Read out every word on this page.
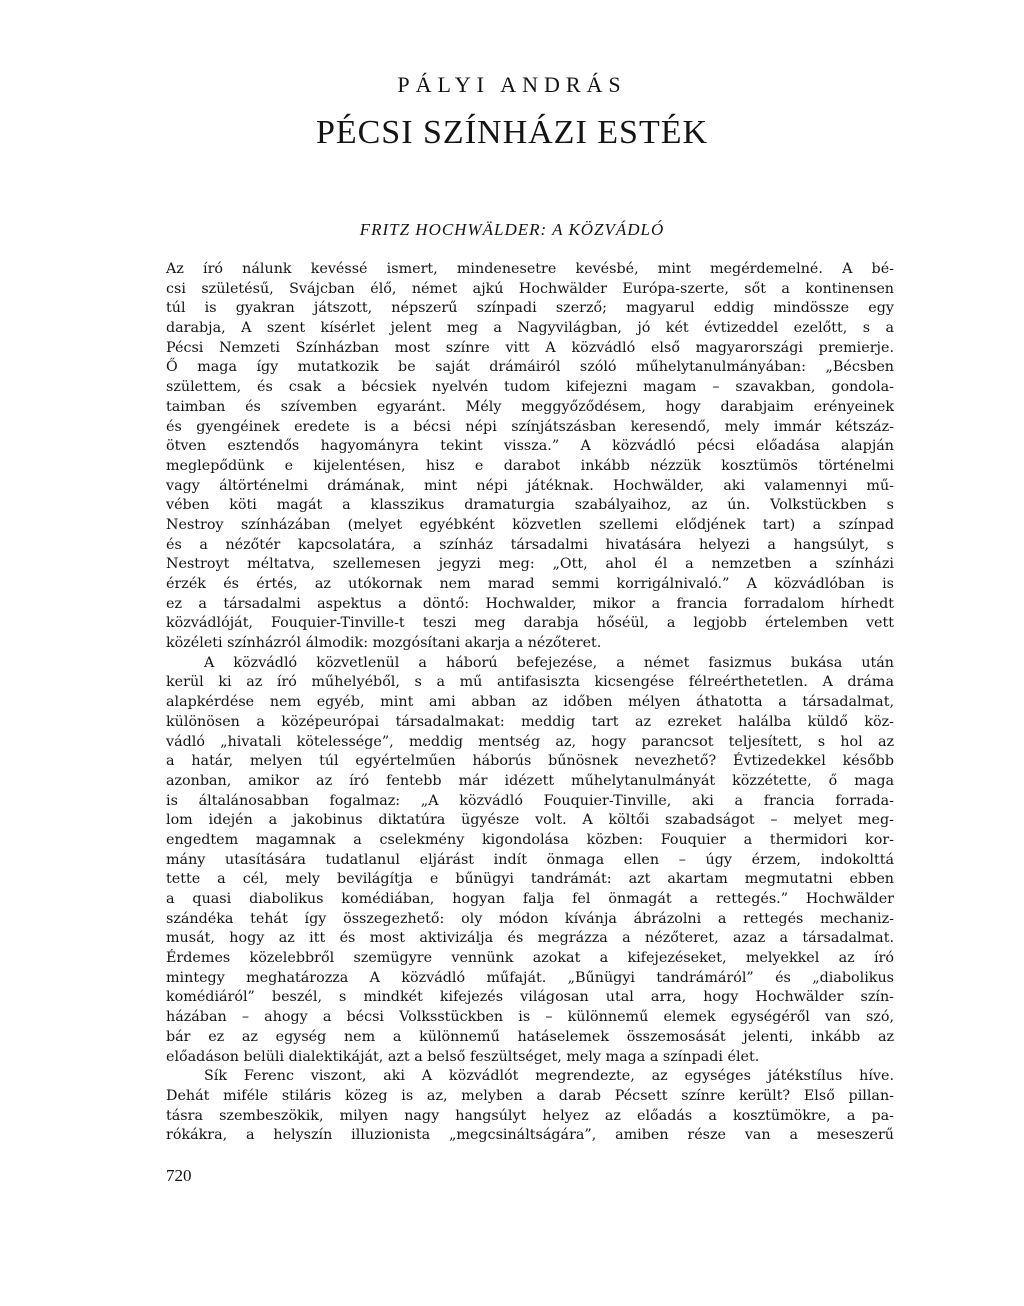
PÁLYI ANDRÁS
PÉCSI SZÍNHÁZI ESTÉK
FRITZ HOCHWÄLDER: A KÖZVÁDLÓ
Az író nálunk kevéssé ismert, mindenesetre kevésbé, mint megérdemelné. A bé-
csi születésű, Svájcban élő, német ajkú Hochwälder Európa-szerte, sőt a kontinensen
túl is gyakran játszott, népszerű színpadi szerző; magyarul eddig mindössze egy
darabja, A szent kísérlet jelent meg a Nagyvilágban, jó két évtizeddel ezelőtt, s a
Pécsi Nemzeti Színházban most színre vitt A közvádló első magyarországi premierje.
Ő maga így mutatkozik be saját drámáiról szóló műhelytanulmányában: „Bécsben
születtem, és csak a bécsiek nyelvén tudom kifejezni magam – szavakban, gondola-
taimban és szívemben egyaránt. Mély meggyőződésem, hogy darabjaim erényeinek
és gyengéinek eredete is a bécsi népi színjátszásban keresendő, mely immár kétszáz-
ötven esztendős hagyományra tekint vissza.” A közvádló pécsi előadása alapján
meglepődünk e kijelentésen, hisz e darabot inkább nézzük kosztümös történelmi
vagy áltörténelmi drámának, mint népi játéknak. Hochwälder, aki valamennyi mű-
vében köti magát a klasszikus dramaturgia szabályaihoz, az ún. Volkstückben s
Nestroy színházában (melyet egyébként közvetlen szellemi elődjének tart) a színpad
és a nézőtér kapcsolatára, a színház társadalmi hivatására helyezi a hangsúlyt, s
Nestroyt méltatva, szellemesen jegyzi meg: „Ott, ahol él a nemzetben a színházi
érzék és értés, az utókornak nem marad semmi korrigálnivaló.” A közvádlóban is
ez a társadalmi aspektus a döntő: Hochwalder, mikor a francia forradalom hírhedt
közvádlóját, Fouquier-Tinville-t teszi meg darabja hőséül, a legjobb értelemben vett
közéleti színházról álmodik: mozgósítani akarja a nézőteret.
A közvádló közvetlenül a háború befejezése, a német fasizmus bukása után
kerül ki az író műhelyéből, s a mű antifasiszta kicsengése félreérthetetlen. A dráma
alapkérdése nem egyéb, mint ami abban az időben mélyen áthatotta a társadalmat,
különösen a középeurópai társadalmakat: meddig tart az ezreket halálba küldő köz-
vádló „hivatali kötelessége”, meddig mentség az, hogy parancsot teljesített, s hol az
a határ, melyen túl egyértelműen háborús bűnösnek nevezhető? Évtizedekkel később
azonban, amikor az író fentebb már idézett műhelytanulmányát közzétette, ő maga
is általánosabban fogalmaz: „A közvádló Fouquier-Tinville, aki a francia forrada-
lom idején a jakobinus diktatúra ügyésze volt. A költői szabadságot – melyet meg-
engedtem magamnak a cselekmény kigondolása közben: Fouquier a thermidori kor-
mány utasítására tudatlanul eljárást indít önmaga ellen – úgy érzem, indokolttá
tette a cél, mely bevilágítja e bűnügyi tandrámát: azt akartam megmutatni ebben
a quasi diabolikus komédiában, hogyan falja fel önmagát a rettegés.” Hochwälder
szándéka tehát így összegezhető: oly módon kívánja ábrázolni a rettegés mechaniz-
musát, hogy az itt és most aktivizálja és megrázza a nézőteret, azaz a társadalmat.
Érdemes közelebbről szemügyre vennünk azokat a kifejezéseket, melyekkel az író
mintegy meghatározza A közvádló műfaját. „Bűnügyi tandrámáról” és „diabolikus
komédiáról” beszél, s mindkét kifejezés világosan utal arra, hogy Hochwälder szín-
házában – ahogy a bécsi Volksstückben is – különnemű elemek egységéről van szó,
bár ez az egység nem a különnemű hatáselemek összemosását jelenti, inkább az
előadáson belüli dialektikáját, azt a belső feszültséget, mely maga a színpadi élet.
Sík Ferenc viszont, aki A közvádlót megrendezte, az egységes játékstílus híve.
Dehát miféle stiláris közeg is az, melyben a darab Pécsett színre került? Első pillan-
tásra szembeszökik, milyen nagy hangsúlyt helyez az előadás a kosztümökre, a pa-
rókákra, a helyszín illuzionista „megcsináltságára”, amiben része van a meseszerű
720
